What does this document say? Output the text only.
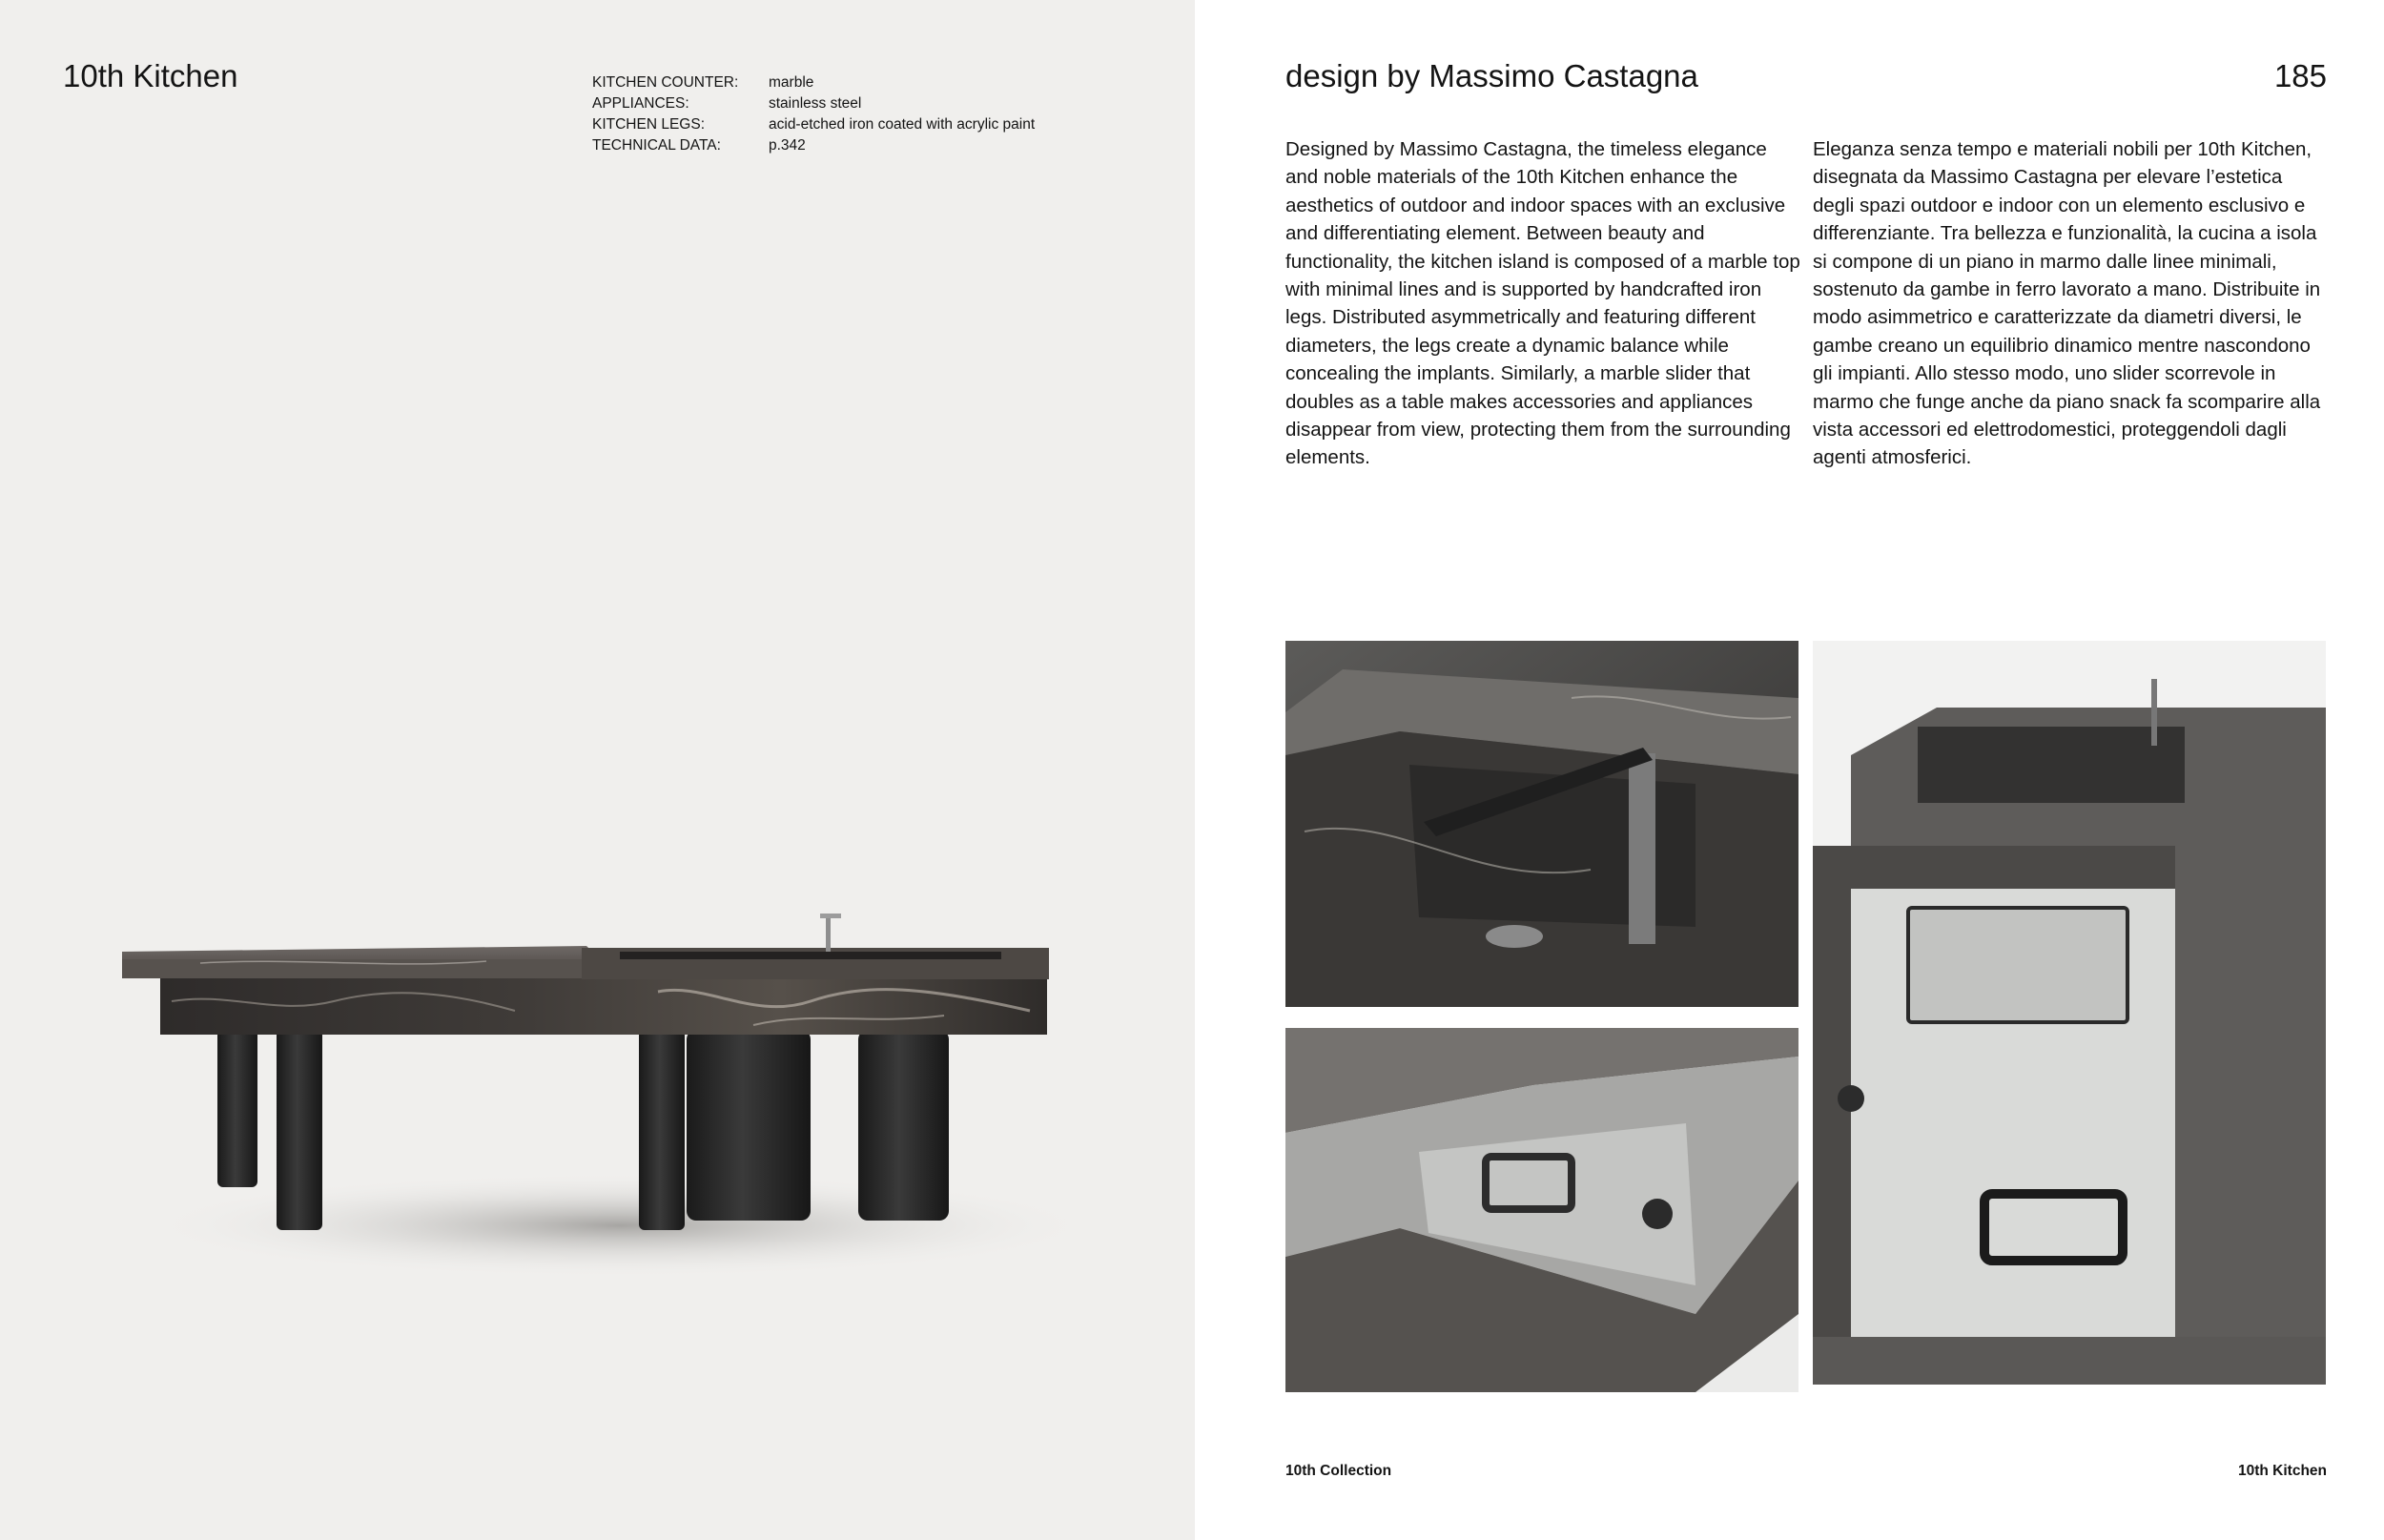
10th Kitchen	KITCHEN COUNTER:	marble
APPLIANCES:	stainless steel
KITCHEN LEGS:	acid-etched iron coated with acrylic paint
TECHNICAL DATA:	p.342
design by Massimo Castagna	185

Designed by Massimo Castagna, the timeless elegance and noble materials of the 10th Kitchen enhance the aesthetics of outdoor and indoor spaces with an exclusive and differentiating element. Between beauty and functionality, the kitchen island is composed of a marble top with minimal lines and is supported by handcrafted iron legs. Distributed asymmetrically and featuring different diameters, the legs create a dynamic balance while concealing the implants. Similarly, a marble slider that doubles as a table makes accessories and appliances disappear from view, protecting them from the surrounding elements.

Eleganza senza tempo e materiali nobili per 10th Kitchen, disegnata da Massimo Castagna per elevare l’estetica degli spazi outdoor e indoor con un elemento esclusivo e differenziante. Tra bellezza e funzionalità, la cucina a isola si compone di un piano in marmo dalle linee minimali, sostenuto da gambe in ferro lavorato a mano. Distribuite in modo asimmetrico e caratterizzate da diametri diversi, le gambe creano un equilibrio dinamico mentre nascondono gli impianti. Allo stesso modo, uno slider scorrevole in marmo che funge anche da piano snack fa scomparire alla vista accessori ed elettrodomestici, proteggendoli dagli agenti atmosferici.

10th Collection	10th Kitchen
